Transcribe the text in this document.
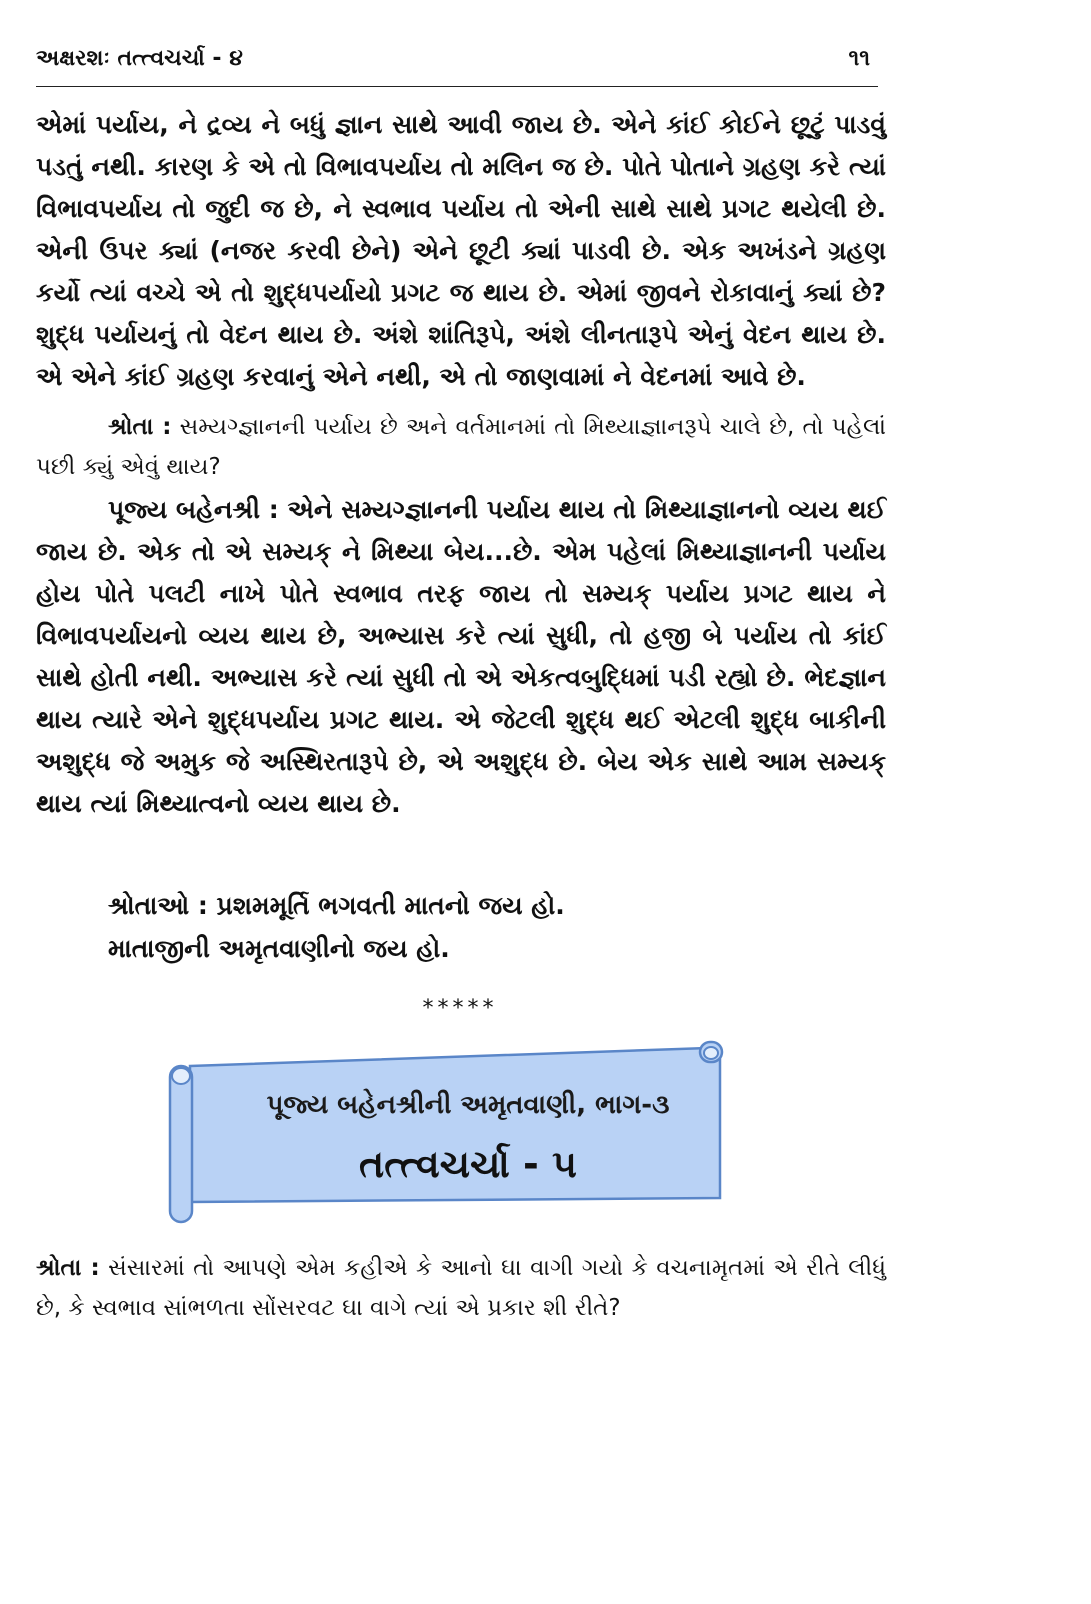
અક્ષરશઃ તત્ત્વચર્ચા - ૪	૧૧

એમાં પર્યાય, ને દ્રવ્ય ને બધું જ્ઞાન સાથે આવી જાય છે. એને કાંઈ કોઈને છૂટું પાડવું પડતું નથી. કારણ કે એ તો વિભાવપર્યાય તો મલિન જ છે. પોતે પોતાને ગ્રહણ કરે ત્યાં વિભાવપર્યાય તો જુદી જ છે, ને સ્વભાવ પર્યાય તો એની સાથે સાથે પ્રગટ થયેલી છે. એની ઉપર ક્યાં (નજર કરવી છેને) એને છૂટી ક્યાં પાડવી છે. એક અખંડને ગ્રહણ કર્યો ત્યાં વચ્ચે એ તો શુદ્ધપર્યાયો પ્રગટ જ થાય છે. એમાં જીવને રોકાવાનું ક્યાં છે? શુદ્ધ પર્યાયનું તો વેદન થાય છે. અંશે શાંતિરૂપે, અંશે લીનતારૂપે એનું વેદન થાય છે. એ એને કાંઈ ગ્રહણ કરવાનું એને નથી, એ તો જાણવામાં ને વેદનમાં આવે છે.

શ્રોતા : સમ્યગ્જ્ઞાનની પર્યાય છે અને વર્તમાનમાં તો મિથ્યાજ્ઞાનરૂપે ચાલે છે, તો પહેલાં પછી ક્યું એવું થાય?

પૂજ્ય બહેનશ્રી : એને સમ્યગ્જ્ઞાનની પર્યાય થાય તો મિથ્યાજ્ઞાનનો વ્યય થઈ જાય છે. એક તો એ સમ્યક્ ને મિથ્યા બેય...છે. એમ પહેલાં મિથ્યાજ્ઞાનની પર્યાય હોય પોતે પલટી નાખે પોતે સ્વભાવ તરફ જાય તો સમ્યક્ પર્યાય પ્રગટ થાય ને વિભાવપર્યાયનો વ્યય થાય છે, અભ્યાસ કરે ત્યાં સુધી, તો હજી બે પર્યાય તો કાંઈ સાથે હોતી નથી. અભ્યાસ કરે ત્યાં સુધી તો એ એકત્વબુદ્ધિમાં પડી રહ્યો છે. ભેદજ્ઞાન થાય ત્યારે એને શુદ્ધપર્યાય પ્રગટ થાય. એ જેટલી શુદ્ધ થઈ એટલી શુદ્ધ બાકીની અશુદ્ધ જે અમુક જે અસ્થિરતારૂપે છે, એ અશુદ્ધ છે. બેય એક સાથે આમ સમ્યક્ થાય ત્યાં મિથ્યાત્વનો વ્યય થાય છે.

શ્રોતાઓ : પ્રશમમૂર્તિ ભગવતી માતનો જય હો.
માતાજીની અમૃતવાણીનો જય હો.
*****
પૂજ્ય બહેનશ્રીની અમૃતવાણી, ભાગ-૩
તત્ત્વચર્ચા - ૫

શ્રોતા : સંસારમાં તો આપણે એમ કહીએ કે આનો ઘા વાગી ગયો કે વચનામૃતમાં એ રીતે લીધું છે, કે સ્વભાવ સાંભળતા સોંસરવટ ઘા વાગે ત્યાં એ પ્રકાર શી રીતે?
